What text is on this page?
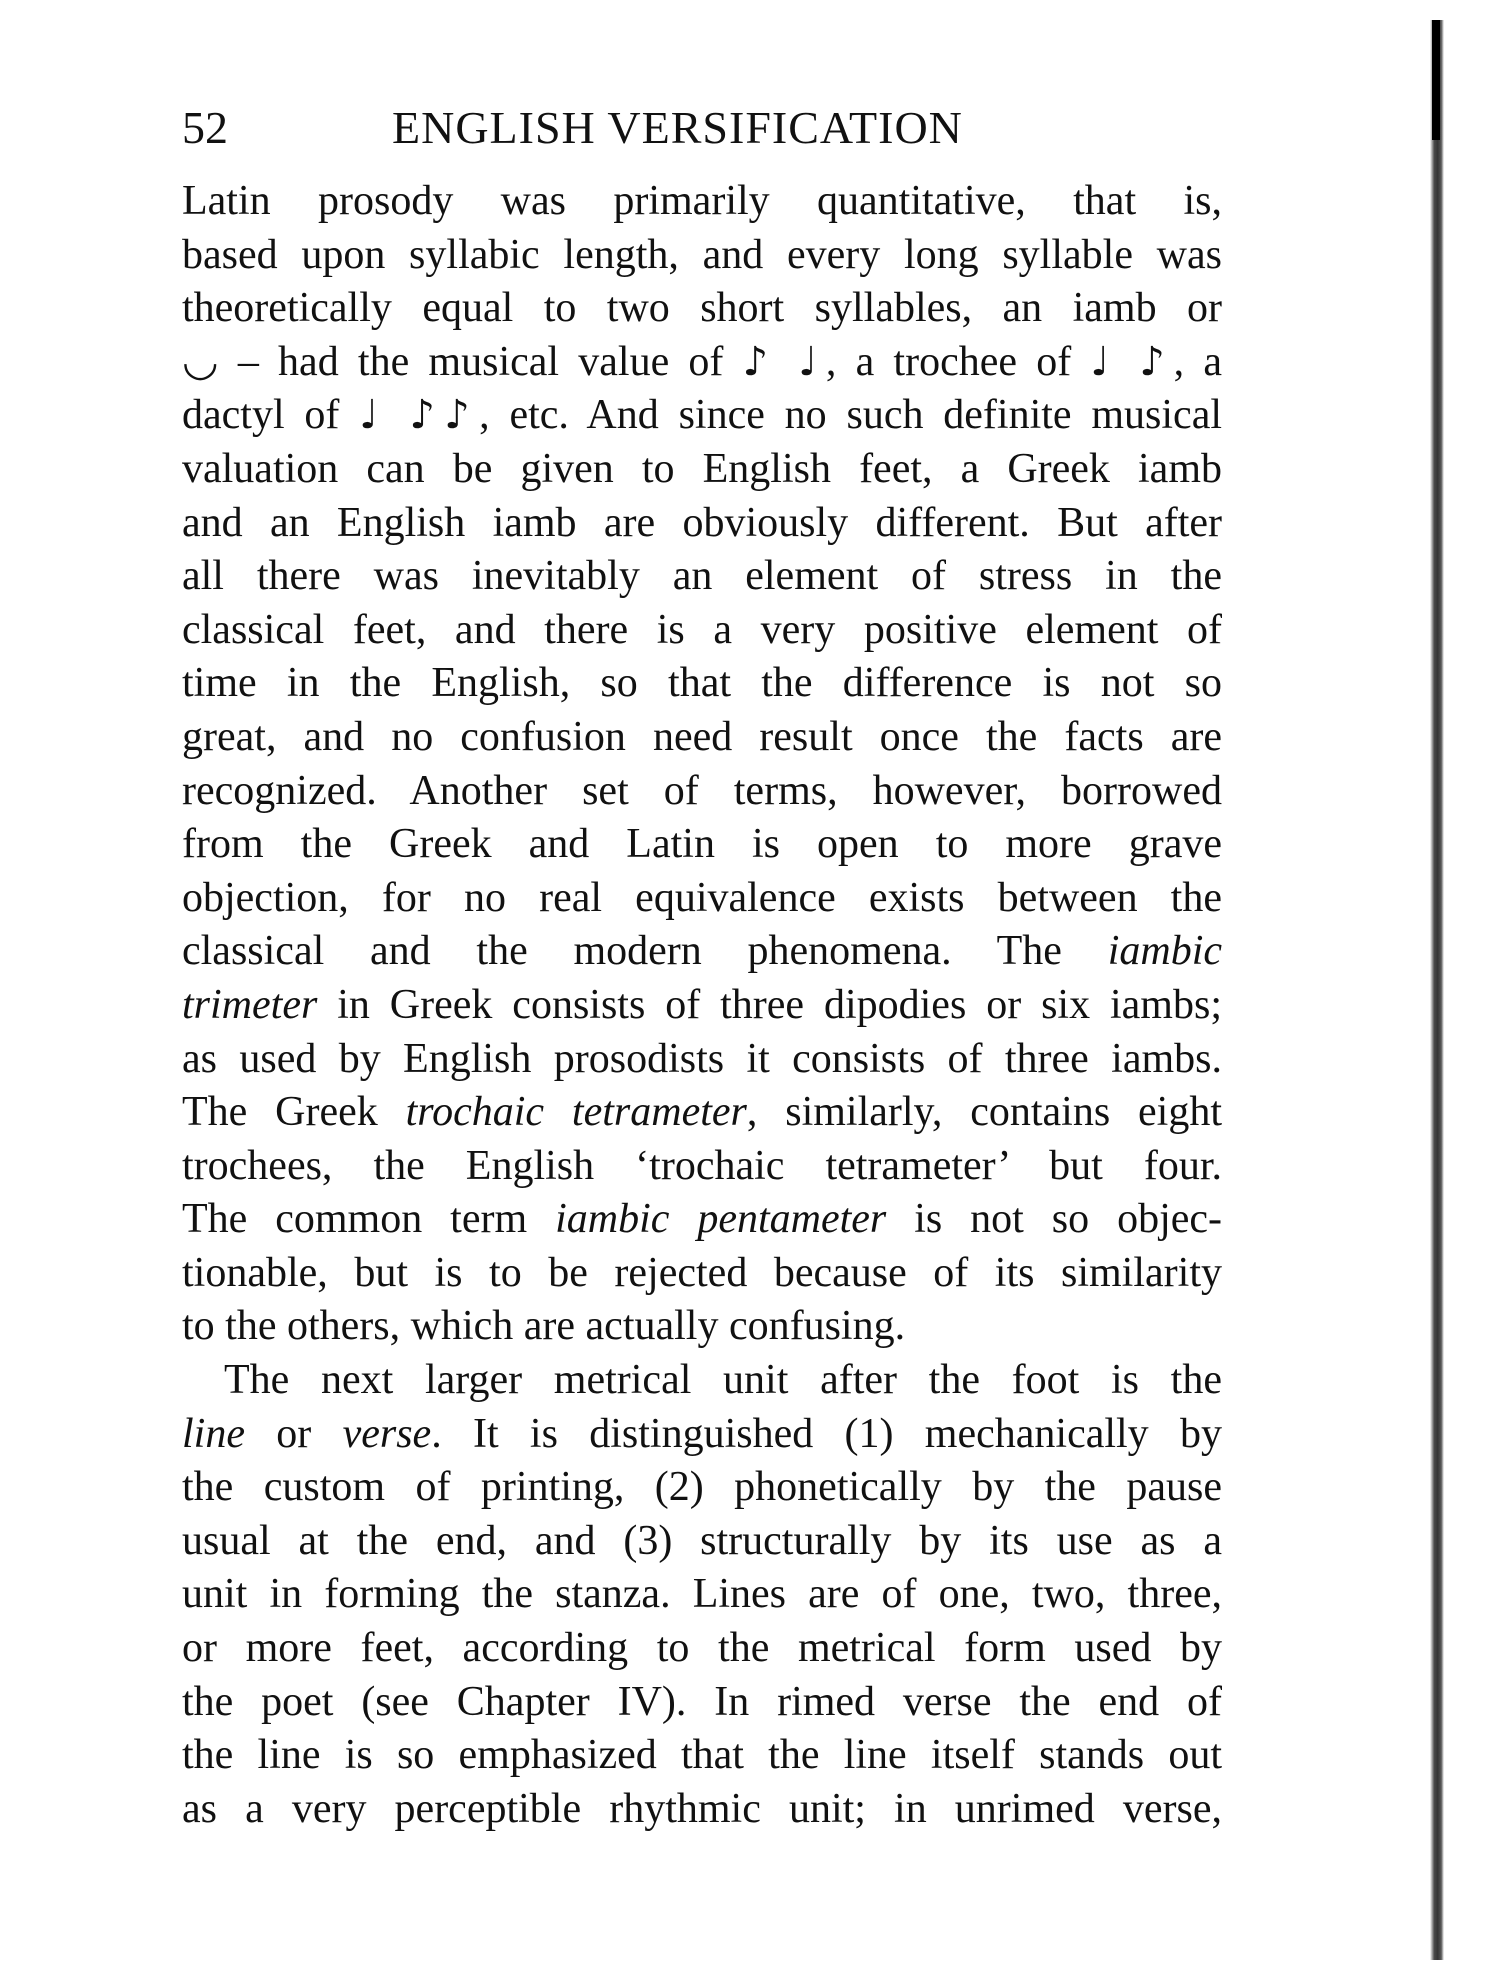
52	ENGLISH VERSIFICATION
Latin prosody was primarily quantitative, that is,
based upon syllabic length, and every long syllable was
theoretically equal to two short syllables, an iamb or
◡ – had the musical value of ♪ ♩, a trochee of ♩ ♪, a
dactyl of ♩ ♪♪, etc. And since no such definite musical
valuation can be given to English feet, a Greek iamb
and an English iamb are obviously different. But after
all there was inevitably an element of stress in the
classical feet, and there is a very positive element of
time in the English, so that the difference is not so
great, and no confusion need result once the facts are
recognized. Another set of terms, however, borrowed
from the Greek and Latin is open to more grave
objection, for no real equivalence exists between the
classical and the modern phenomena. The iambic
trimeter in Greek consists of three dipodies or six iambs;
as used by English prosodists it consists of three iambs.
The Greek trochaic tetrameter, similarly, contains eight
trochees, the English ‘trochaic tetrameter’ but four.
The common term iambic pentameter is not so objec-
tionable, but is to be rejected because of its similarity
to the others, which are actually confusing.
The next larger metrical unit after the foot is the
line or verse. It is distinguished (1) mechanically by
the custom of printing, (2) phonetically by the pause
usual at the end, and (3) structurally by its use as a
unit in forming the stanza. Lines are of one, two, three,
or more feet, according to the metrical form used by
the poet (see Chapter IV). In rimed verse the end of
the line is so emphasized that the line itself stands out
as a very perceptible rhythmic unit; in unrimed verse,
